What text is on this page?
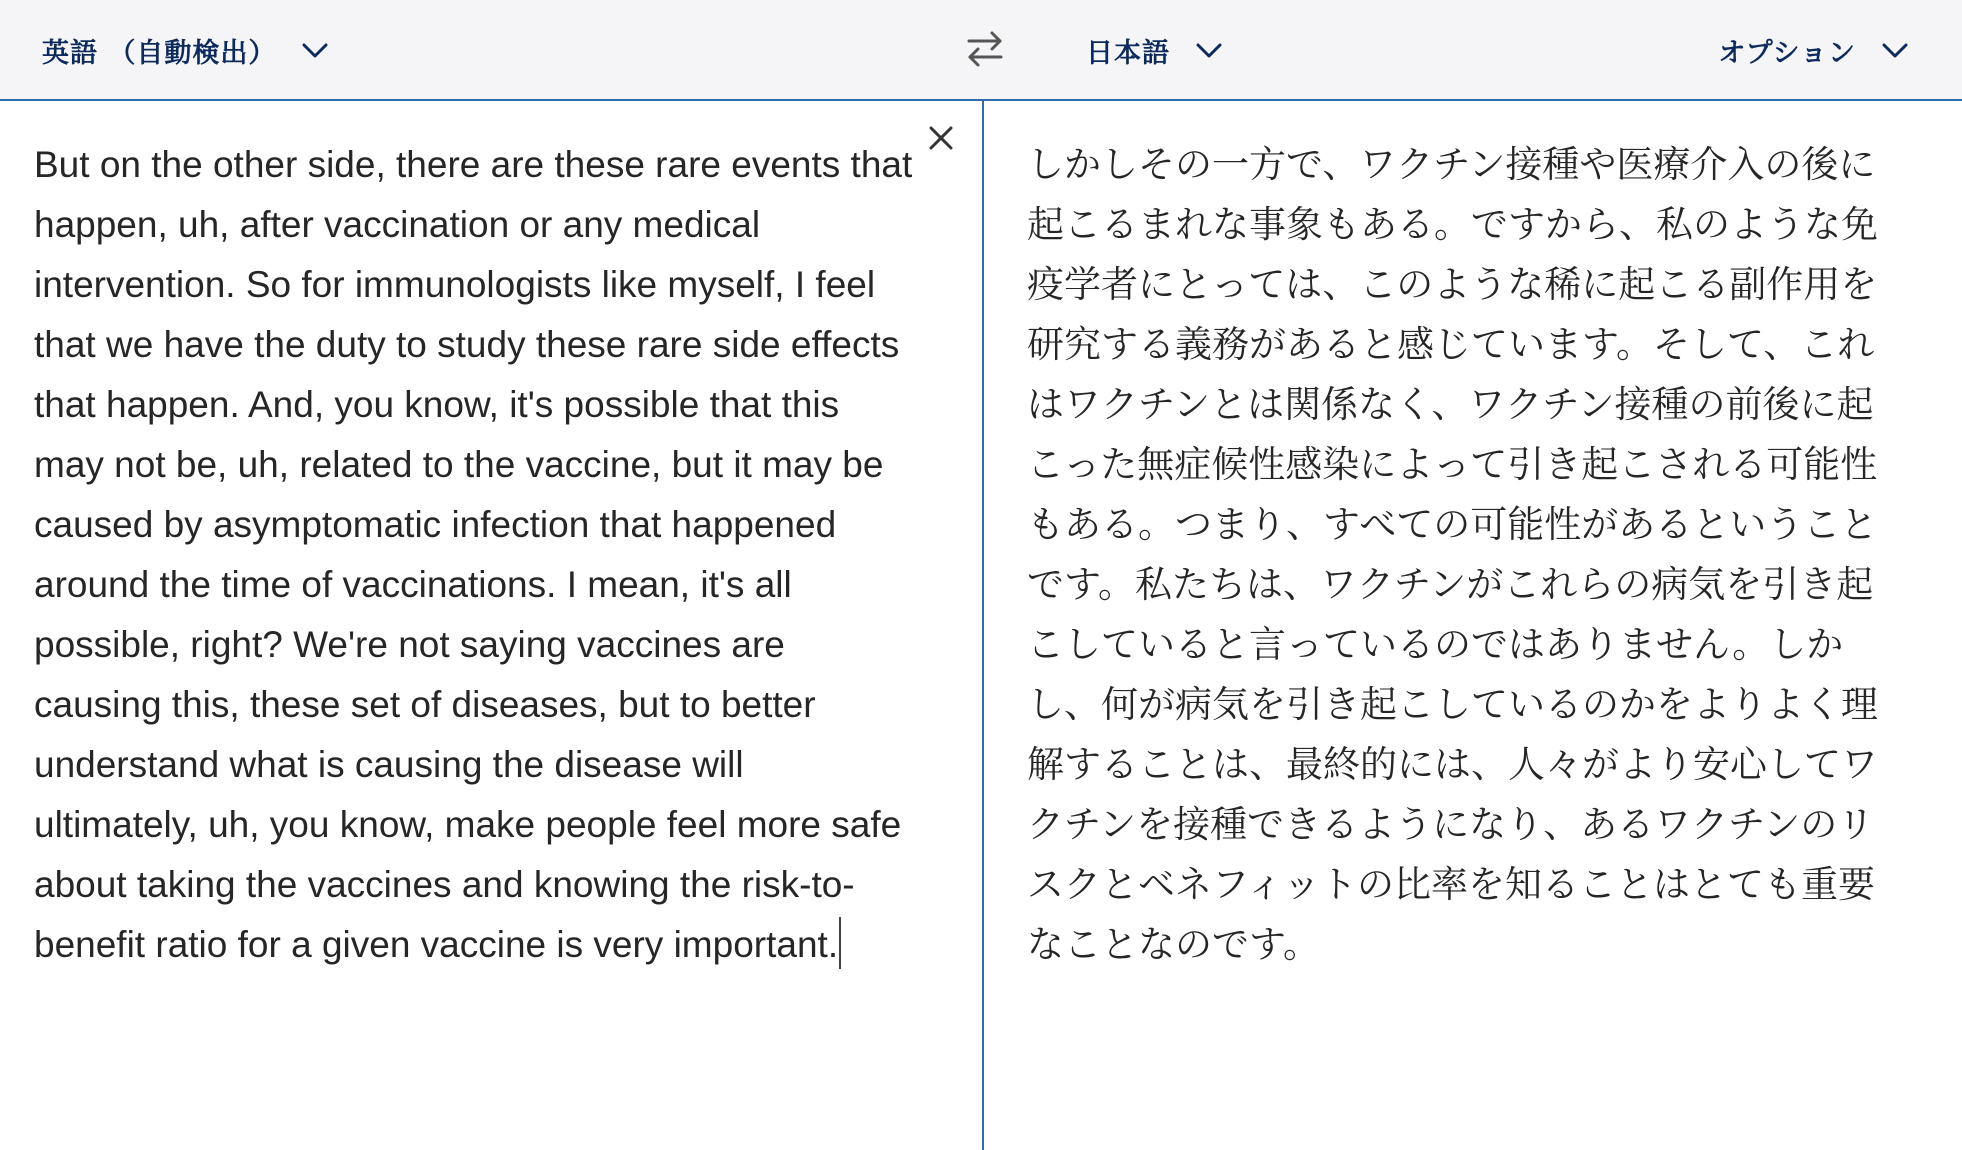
英語 （自動検出）	日本語	オプション

But on the other side, there are these rare events that happen, uh, after vaccination or any medical intervention. So for immunologists like myself, I feel that we have the duty to study these rare side effects that happen. And, you know, it's possible that this may not be, uh, related to the vaccine, but it may be caused by asymptomatic infection that happened around the time of vaccinations. I mean, it's all possible, right? We're not saying vaccines are causing this, these set of diseases, but to better understand what is causing the disease will ultimately, uh, you know, make people feel more safe about taking the vaccines and knowing the risk-to-benefit ratio for a given vaccine is very important.

しかしその一方で、ワクチン接種や医療介入の後に起こるまれな事象もある。ですから、私のような免疫学者にとっては、このような稀に起こる副作用を研究する義務があると感じています。そして、これはワクチンとは関係なく、ワクチン接種の前後に起こった無症候性感染によって引き起こされる可能性もある。つまり、すべての可能性があるということです。私たちは、ワクチンがこれらの病気を引き起こしていると言っているのではありません。しかし、何が病気を引き起こしているのかをよりよく理解することは、最終的には、人々がより安心してワクチンを接種できるようになり、あるワクチンのリスクとベネフィットの比率を知ることはとても重要なことなのです。
